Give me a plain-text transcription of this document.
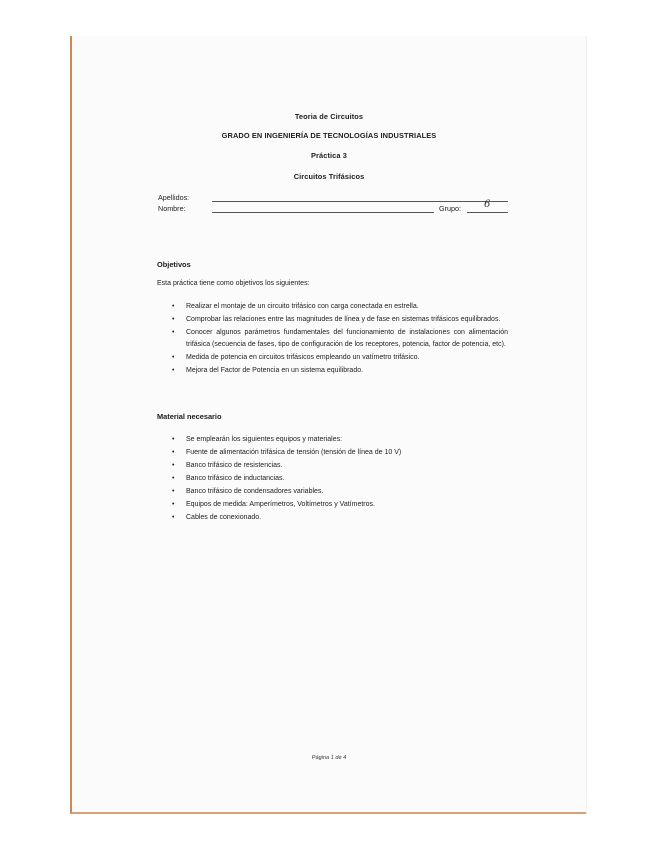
Teoria de Circuitos
GRADO EN INGENIERÍA DE TECNOLOGÍAS INDUSTRIALES
Práctica 3
Circuitos Trifásicos
Apellidos:
Nombre:	Grupo: 6
Objetivos
Esta práctica tiene como objetivos los siguientes:
• Realizar el montaje de un circuito trifásico con carga conectada en estrella.
• Comprobar las relaciones entre las magnitudes de línea y de fase en sistemas trifásicos equilibrados.
• Conocer algunos parámetros fundamentales del funcionamiento de instalaciones con alimentación trifásica (secuencia de fases, tipo de configuración de los receptores, potencia, factor de potencia, etc).
• Medida de potencia en circuitos trifásicos empleando un vatímetro trifásico.
• Mejora del Factor de Potencia en un sistema equilibrado.
Material necesario
• Se emplearán los siguientes equipos y materiales:
• Fuente de alimentación trifásica de tensión (tensión de línea de 10 V)
• Banco trifásico de resistencias.
• Banco trifásico de inductancias.
• Banco trifásico de condensadores variables.
• Equipos de medida: Amperímetros, Voltímetros y Vatímetros.
• Cables de conexionado.
Página 1 de 4
